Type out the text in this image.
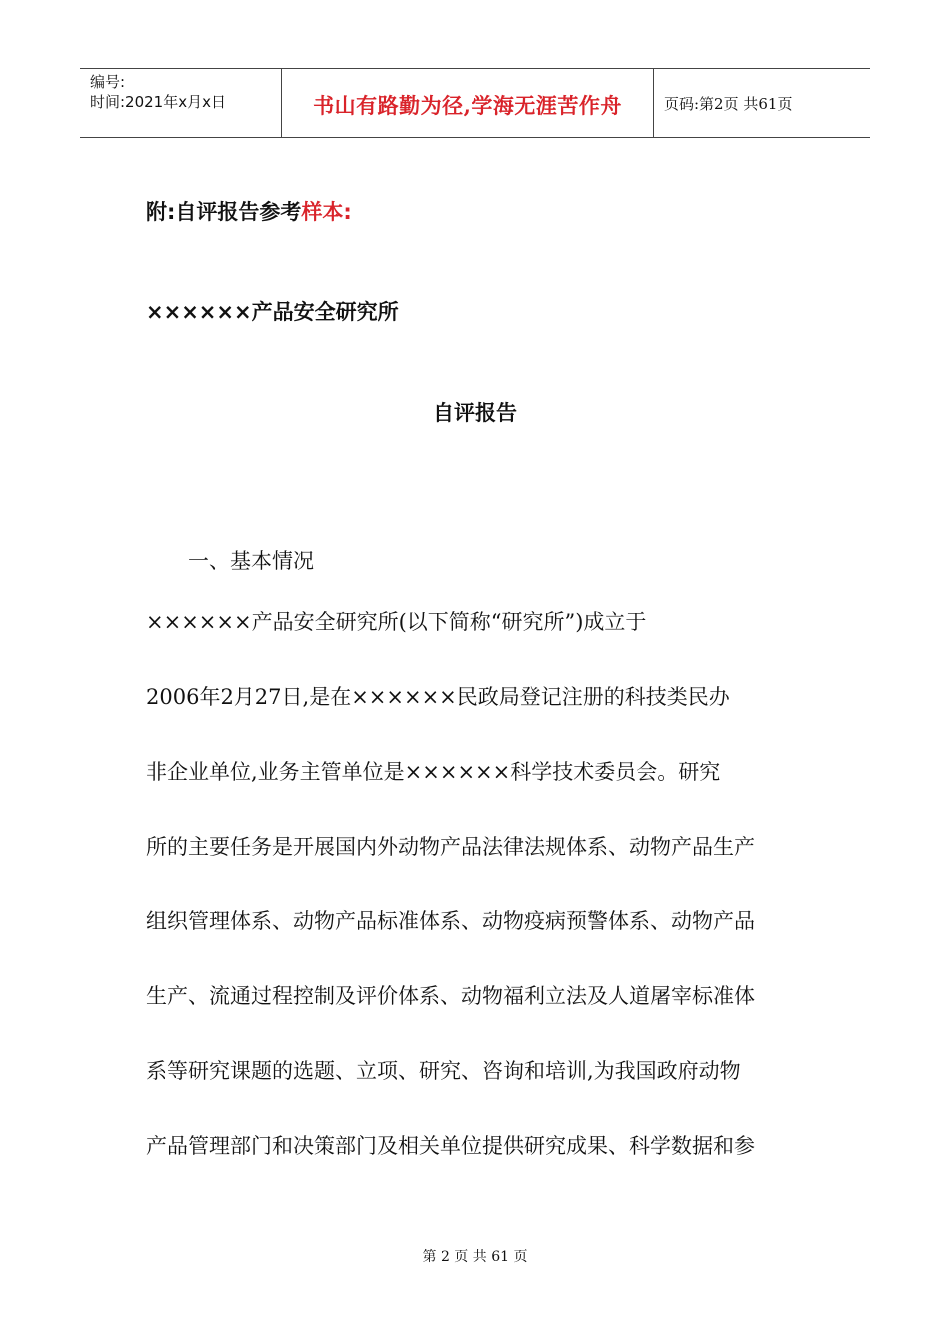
编号:
时间:2021年x月x日	书山有路勤为径,学海无涯苦作舟	页码:第2页 共61页
附:自评报告参考样本:
××××××产品安全研究所
自评报告
一、基本情况
××××××产品安全研究所(以下简称“研究所”)成立于
2006年2月27日,是在××××××民政局登记注册的科技类民办
非企业单位,业务主管单位是××××××科学技术委员会。研究
所的主要任务是开展国内外动物产品法律法规体系、动物产品生产
组织管理体系、动物产品标准体系、动物疫病预警体系、动物产品
生产、流通过程控制及评价体系、动物福利立法及人道屠宰标准体
系等研究课题的选题、立项、研究、咨询和培训,为我国政府动物
产品管理部门和决策部门及相关单位提供研究成果、科学数据和参
第 2 页 共 61 页
